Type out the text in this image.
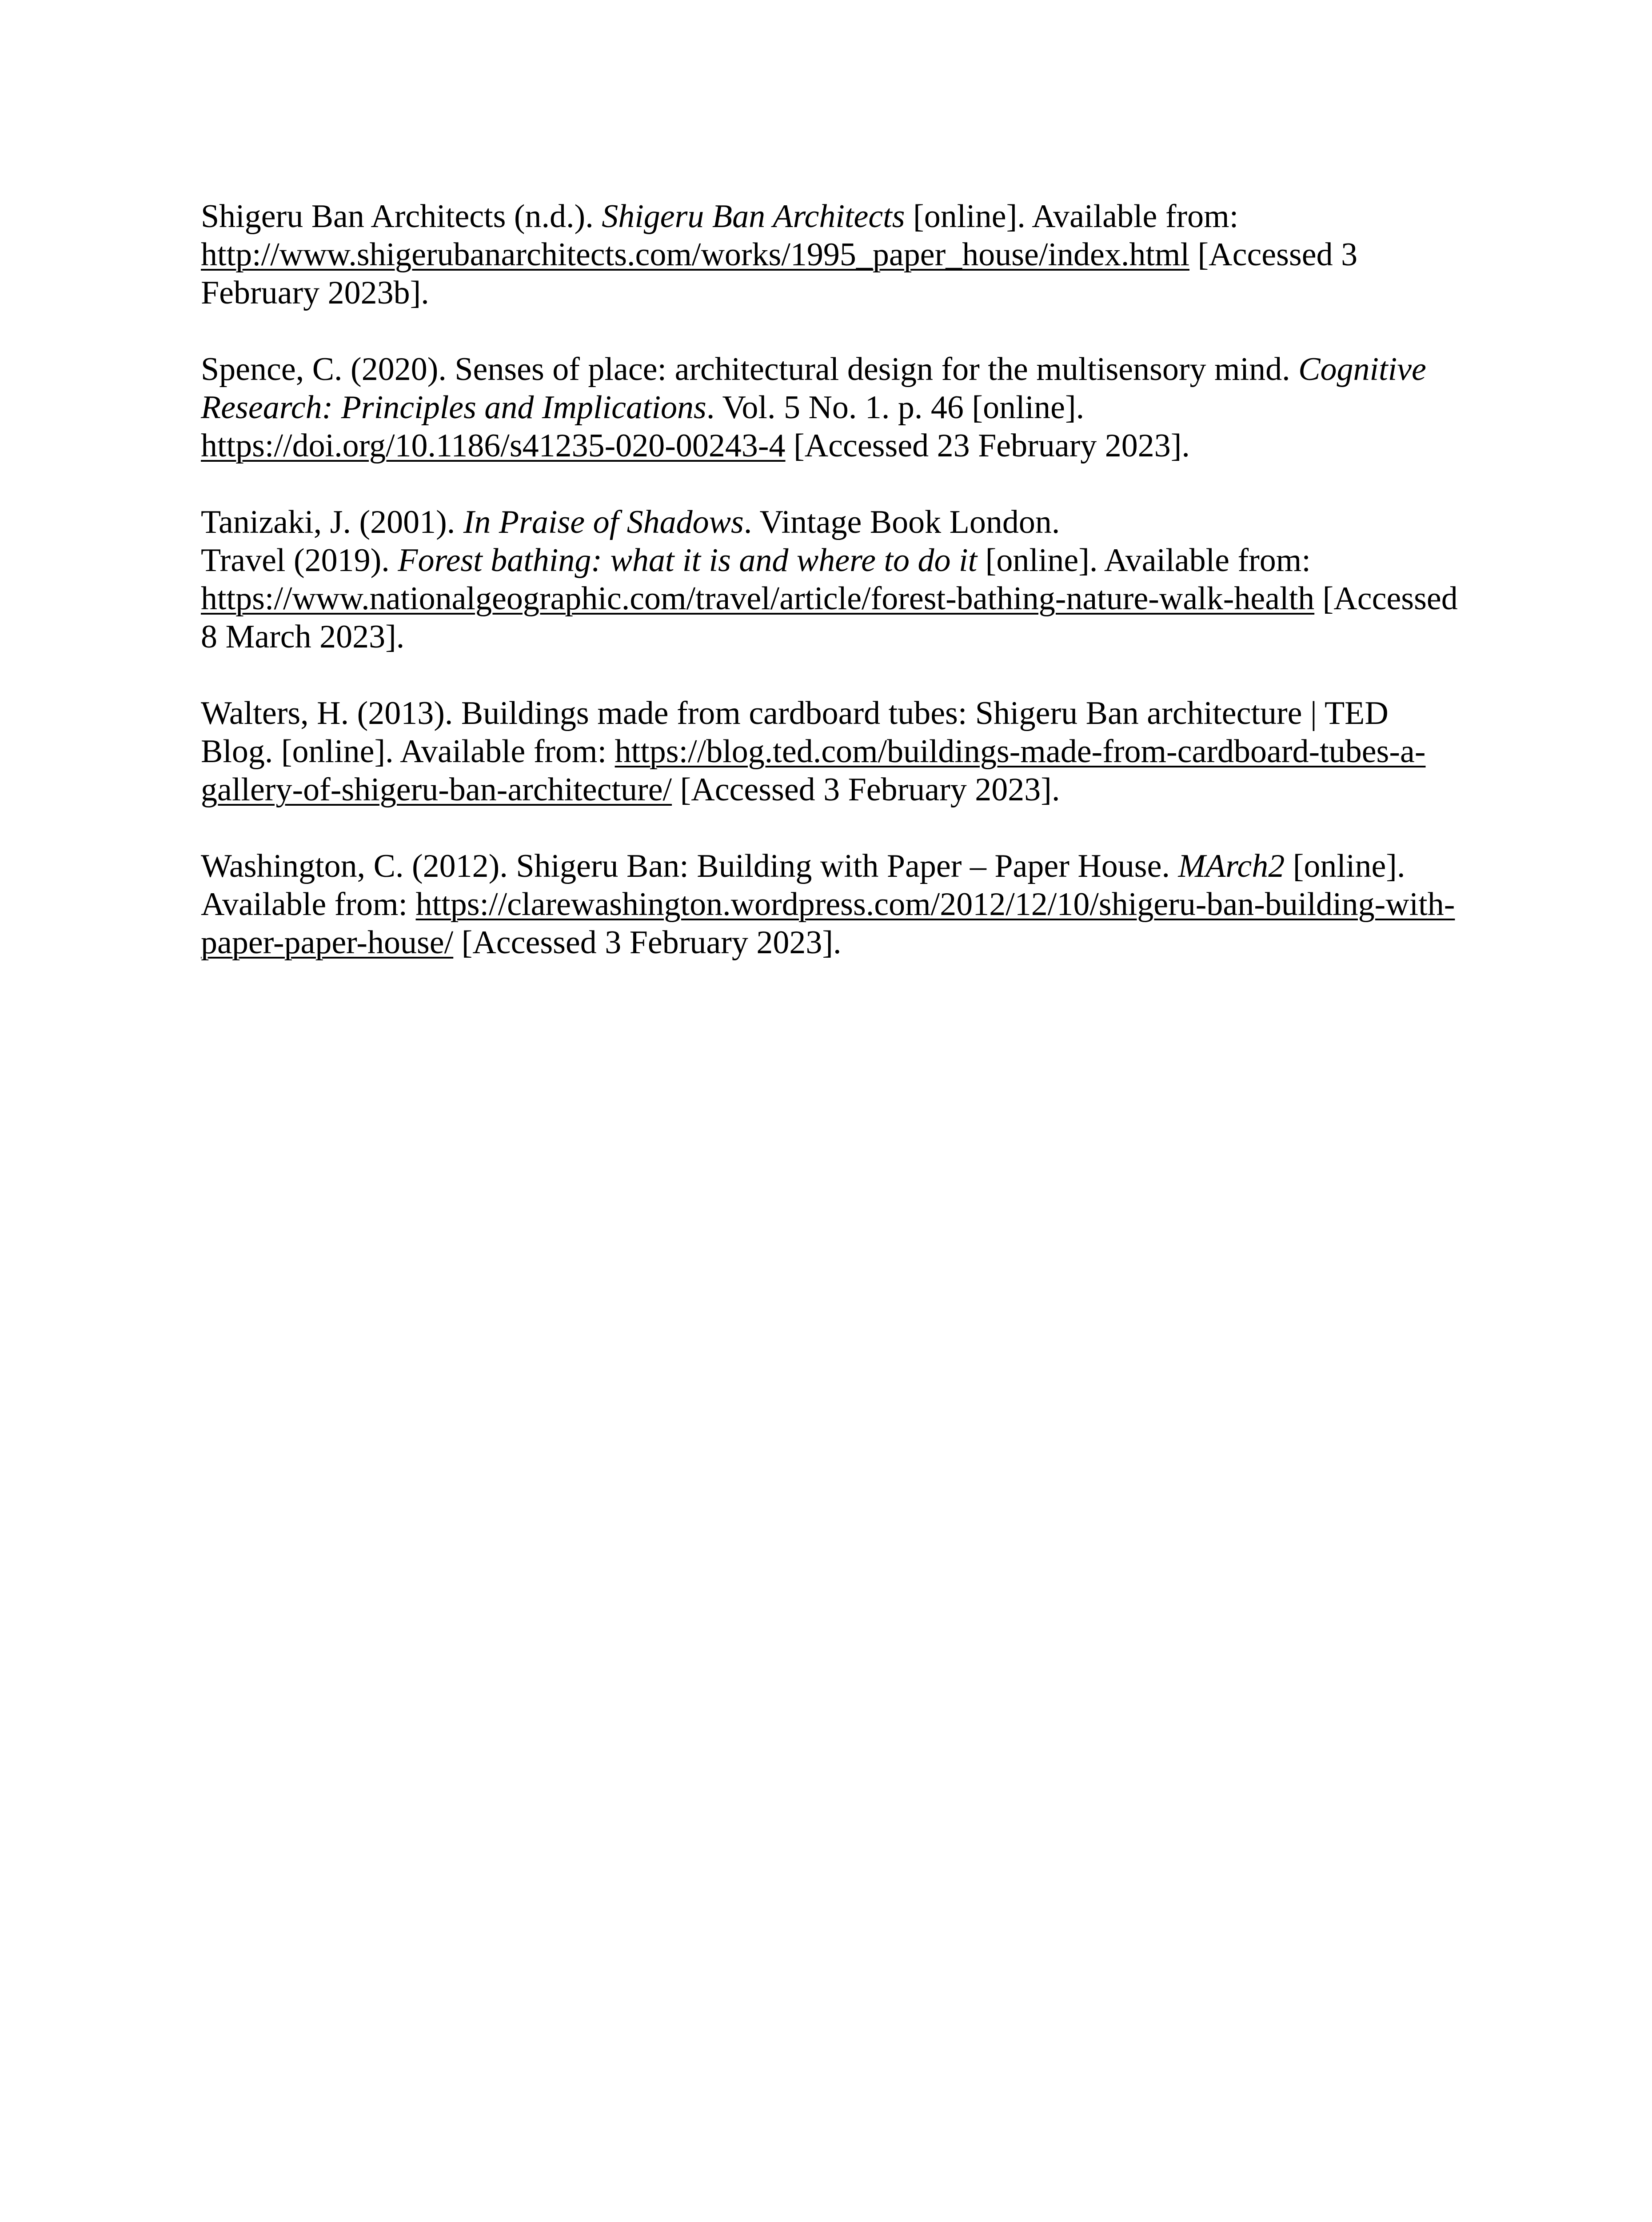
Shigeru Ban Architects (n.d.). Shigeru Ban Architects [online]. Available from: http://www.shigerubanarchitects.com/works/1995_paper_house/index.html [Accessed 3 February 2023b].

Spence, C. (2020). Senses of place: architectural design for the multisensory mind. Cognitive Research: Principles and Implications. Vol. 5 No. 1. p. 46 [online]. https://doi.org/10.1186/s41235-020-00243-4 [Accessed 23 February 2023].

Tanizaki, J. (2001). In Praise of Shadows. Vintage Book London.

Travel (2019). Forest bathing: what it is and where to do it [online]. Available from: https://www.nationalgeographic.com/travel/article/forest-bathing-nature-walk-health [Accessed 8 March 2023].

Walters, H. (2013). Buildings made from cardboard tubes: Shigeru Ban architecture | TED Blog. [online]. Available from: https://blog.ted.com/buildings-made-from-cardboard-tubes-a-gallery-of-shigeru-ban-architecture/ [Accessed 3 February 2023].

Washington, C. (2012). Shigeru Ban: Building with Paper – Paper House. MArch2 [online]. Available from: https://clarewashington.wordpress.com/2012/12/10/shigeru-ban-building-with-paper-paper-house/ [Accessed 3 February 2023].
